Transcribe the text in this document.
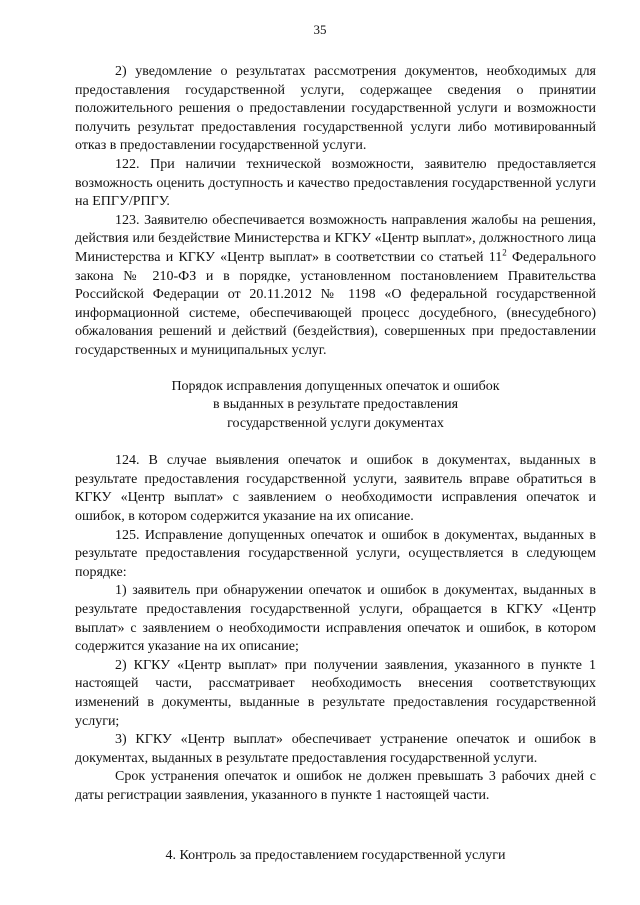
35

2) уведомление о результатах рассмотрения документов, необходимых для предоставления государственной услуги, содержащее сведения о принятии положительного решения о предоставлении государственной услуги и возможности получить результат предоставления государственной услуги либо мотивированный отказ в предоставлении государственной услуги.

122. При наличии технической возможности, заявителю предоставляется возможность оценить доступность и качество предоставления государственной услуги на ЕПГУ/РПГУ.

123. Заявителю обеспечивается возможность направления жалобы на решения, действия или бездействие Министерства и КГКУ «Центр выплат», должностного лица Министерства и КГКУ «Центр выплат» в соответствии со статьей $11^2$ Федерального закона № 210-ФЗ и в порядке, установленном постановлением Правительства Российской Федерации от 20.11.2012 № 1198 «О федеральной государственной информационной системе, обеспечивающей процесс досудебного, (внесудебного) обжалования решений и действий (бездействия), совершенных при предоставлении государственных и муниципальных услуг.

Порядок исправления допущенных опечаток и ошибок

в выданных в результате предоставления

государственной услуги документах

124. В случае выявления опечаток и ошибок в документах, выданных в результате предоставления государственной услуги, заявитель вправе обратиться в КГКУ «Центр выплат» с заявлением о необходимости исправления опечаток и ошибок, в котором содержится указание на их описание.

125. Исправление допущенных опечаток и ошибок в документах, выданных в результате предоставления государственной услуги, осуществляется в следующем порядке:

1) заявитель при обнаружении опечаток и ошибок в документах, выданных в результате предоставления государственной услуги, обращается в КГКУ «Центр выплат» с заявлением о необходимости исправления опечаток и ошибок, в котором содержится указание на их описание;

2) КГКУ «Центр выплат» при получении заявления, указанного в пункте 1 настоящей части, рассматривает необходимость внесения соответствующих изменений в документы, выданные в результате предоставления государственной услуги;

3) КГКУ «Центр выплат» обеспечивает устранение опечаток и ошибок в документах, выданных в результате предоставления государственной услуги.

Срок устранения опечаток и ошибок не должен превышать 3 рабочих дней с даты регистрации заявления, указанного в пункте 1 настоящей части.

4. Контроль за предоставлением государственной услуги
